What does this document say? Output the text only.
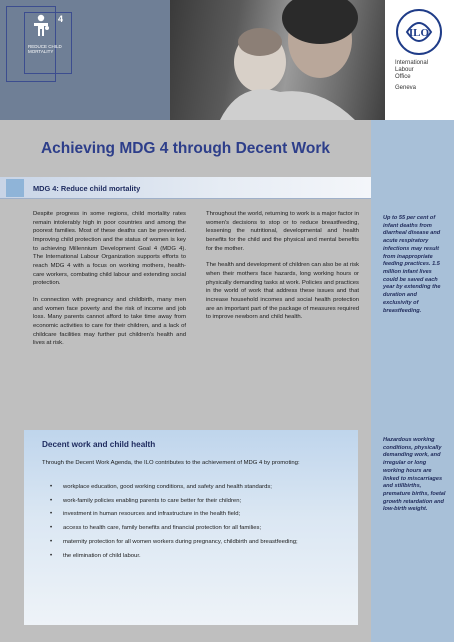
4
REDUCE CHILD MORTALITY
ILO
International
Labour
Office
Geneva
Up to 55 per cent of infant deaths from diarrheal disease and acute respiratory infections may result from inappropriate feeding practices. 1.5 million infant lives could be saved each year by extending the duration and exclusivity of breastfeeding.
Hazardous working conditions, physically demanding work, and irregular or long working hours are linked to miscarriages and stillbirths, premature births, foetal growth retardation and low-birth weight.
Achieving MDG 4 through Decent Work
MDG 4: Reduce child mortality

Despite progress in some regions, child mortality rates remain intolerably high in poor countries and among the poorest families. Most of these deaths can be prevented. Improving child protection and the status of women is key to achieving Millennium Development Goal 4 (MDG 4). The International Labour Organization supports efforts to reach MDG 4 with a focus on working mothers, health-care workers, combating child labour and extending social protection.

In connection with pregnancy and childbirth, many men and women face poverty and the risk of income and job loss. Many parents cannot afford to take time away from economic activities to care for their children, and a lack of childcare facilities may further put children's health and lives at risk.

Throughout the world, returning to work is a major factor in women's decisions to stop or to reduce breastfeeding, lessening the nutritional, developmental and health benefits for the child and the physical and mental benefits for the mother.

The health and development of children can also be at risk when their mothers face hazards, long working hours or physically demanding tasks at work. Policies and practices in the world of work that address these issues and that increase household incomes and social health protection are an important part of the package of measures required to improve newborn and child health.

Decent work and child health
Through the Decent Work Agenda, the ILO contributes to the achievement of MDG 4 by promoting:
• workplace education, good working conditions, and safety and health standards;
• work-family policies enabling parents to care better for their children;
• investment in human resources and infrastructure in the health field;
• access to health care, family benefits and financial protection for all families;
• maternity protection for all women workers during pregnancy, childbirth and breastfeeding;
• the elimination of child labour.
